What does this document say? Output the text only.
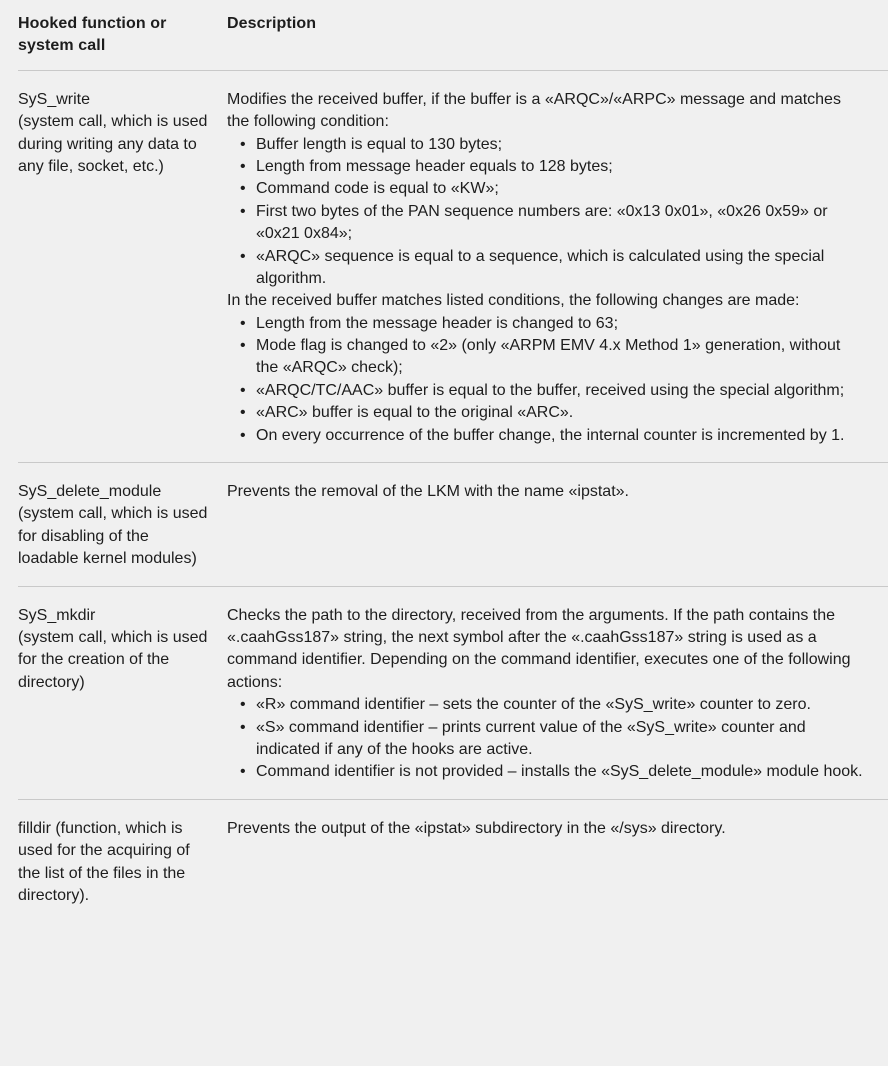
Hooked function or system call
Description
SyS_write
(system call, which is used during writing any data to any file, socket, etc.)
Modifies the received buffer, if the buffer is a «ARQC»/«ARPC» message and matches the following condition:
• Buffer length is equal to 130 bytes;
• Length from message header equals to 128 bytes;
• Command code is equal to «KW»;
• First two bytes of the PAN sequence numbers are: «0x13 0x01», «0x26 0x59» or «0x21 0x84»;
• «ARQC» sequence is equal to a sequence, which is calculated using the special algorithm.
In the received buffer matches listed conditions, the following changes are made:
• Length from the message header is changed to 63;
• Mode flag is changed to «2» (only «ARPM EMV 4.x Method 1» generation, without the «ARQC» check);
• «ARQC/TC/AAC» buffer is equal to the buffer, received using the special algorithm;
• «ARC» buffer is equal to the original «ARC».
• On every occurrence of the buffer change, the internal counter is incremented by 1.
SyS_delete_module
(system call, which is used for disabling of the loadable kernel modules)
Prevents the removal of the LKM with the name «ipstat».
SyS_mkdir
(system call, which is used for the creation of the directory)
Checks the path to the directory, received from the arguments. If the path contains the «.caahGss187» string, the next symbol after the «.caahGss187» string is used as a command identifier. Depending on the command identifier, executes one of the following actions:
• «R» command identifier – sets the counter of the «SyS_write» counter to zero.
• «S» command identifier – prints current value of the «SyS_write» counter and indicated if any of the hooks are active.
• Command identifier is not provided – installs the «SyS_delete_module» module hook.
filldir (function, which is used for the acquiring of the list of the files in the directory).
Prevents the output of the «ipstat» subdirectory in the «/sys» directory.
